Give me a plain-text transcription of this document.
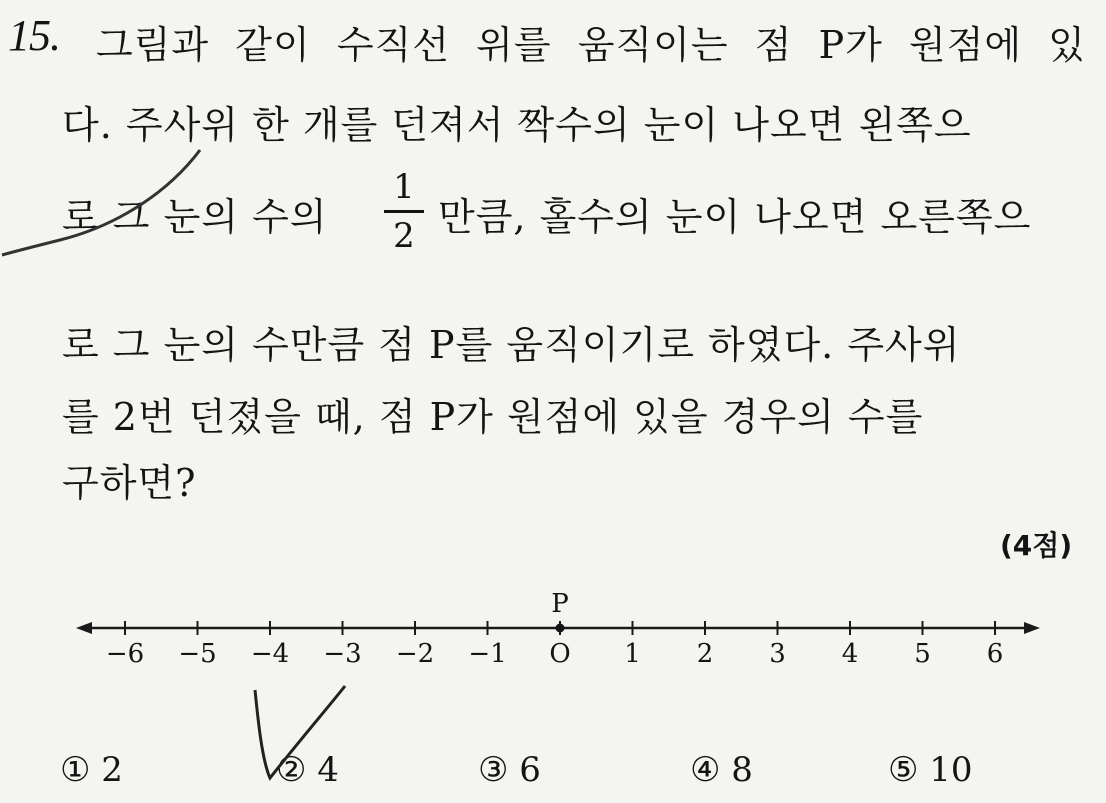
15. 그림과 같이 수직선 위를 움직이는 점 P가 원점에 있
다. 주사위 한 개를 던져서 짝수의 눈이 나오면 왼쪽으
로 그 눈의 수의
1
2 만큼, 홀수의 눈이 나오면 오른쪽으
로 그 눈의 수만큼 점 P를 움직이기로 하였다. 주사위
를 2번 던졌을 때, 점 P가 원점에 있을 경우의 수를
구하면?
(4점)
−6 −5 −4 −3 −2 −1 O 1 2 3 4 5 6
P
① 2	② 4	③ 6	④ 8	⑤ 10
